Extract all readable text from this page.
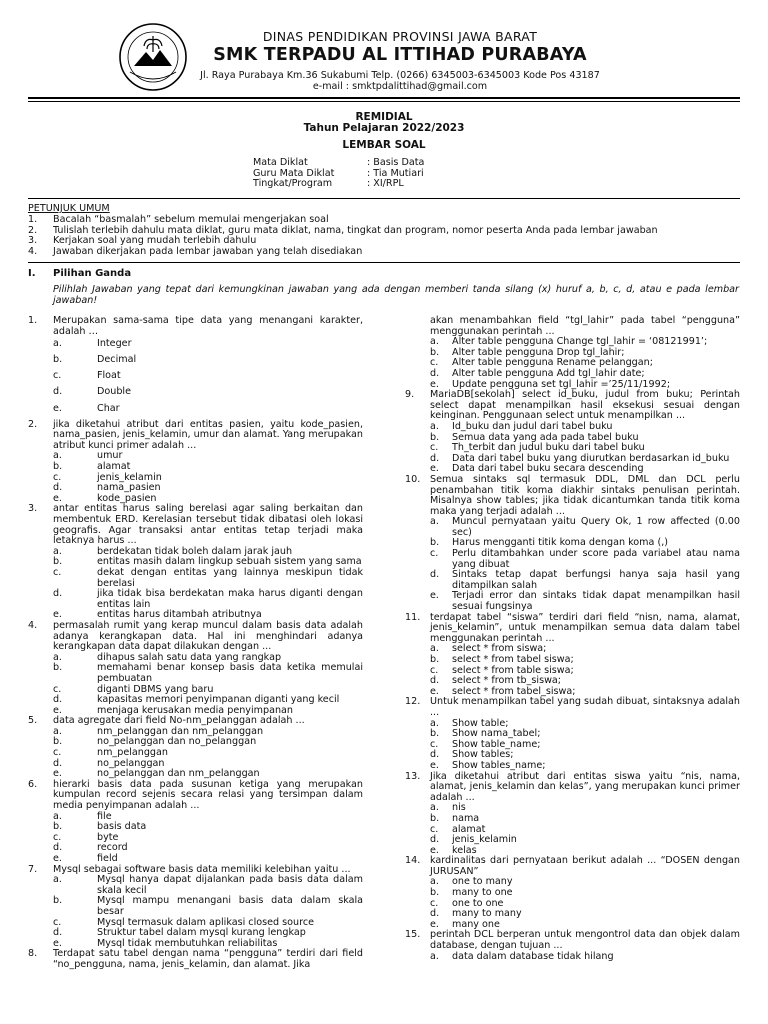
DINAS PENDIDIKAN PROVINSI JAWA BARAT
SMK TERPADU AL ITTIHAD PURABAYA
Jl. Raya Purabaya Km.36 Sukabumi Telp. (0266) 6345003-6345003 Kode Pos 43187
e-mail : smktpdalittihad@gmail.com
REMIDIAL
Tahun Pelajaran 2022/2023
LEMBAR SOAL
Mata Diklat	: Basis Data
Guru Mata Diklat	: Tia Mutiari
Tingkat/Program	: XI/RPL
PETUNJUK UMUM
1.	Bacalah “basmalah” sebelum memulai mengerjakan soal
2.	Tulislah terlebih dahulu mata diklat, guru mata diklat, nama, tingkat dan program, nomor peserta Anda pada lembar jawaban
3.	Kerjakan soal yang mudah terlebih dahulu
4.	Jawaban dikerjakan pada lembar jawaban yang telah disediakan
I. Pilihan Ganda
Pilihlah Jawaban yang tepat dari kemungkinan jawaban yang ada dengan memberi tanda silang (x) huruf a, b, c, d, atau e pada lembar jawaban!
1. Merupakan sama-sama tipe data yang menangani karakter, adalah …
a.	Integer
b.	Decimal
c.	Float
d.	Double
e.	Char
2. jika diketahui atribut dari entitas pasien, yaitu kode_pasien, nama_pasien, jenis_kelamin, umur dan alamat. Yang merupakan atribut kunci primer adalah ...
a.	umur
b.	alamat
c.	jenis_kelamin
d.	nama_pasien
e.	kode_pasien
3. antar entitas harus saling berelasi agar saling berkaitan dan membentuk ERD. Kerelasian tersebut tidak dibatasi oleh lokasi geografis. Agar transaksi antar entitas tetap terjadi maka letaknya harus ...
a.	berdekatan tidak boleh dalam jarak jauh
b.	entitas masih dalam lingkup sebuah sistem yang sama
c.	dekat dengan entitas yang lainnya meskipun tidak berelasi
d.	jika tidak bisa berdekatan maka harus diganti dengan entitas lain
e.	entitas harus ditambah atributnya
4. permasalah rumit yang kerap muncul dalam basis data adalah adanya kerangkapan data. Hal ini menghindari adanya kerangkapan data dapat dilakukan dengan ...
a.	dihapus salah satu data yang rangkap
b.	memahami benar konsep basis data ketika memulai pembuatan
c.	diganti DBMS yang baru
d.	kapasitas memori penyimpanan diganti yang kecil
e.	menjaga kerusakan media penyimpanan
5. data agregate dari field No-nm_pelanggan adalah ...
a.	nm_pelanggan dan nm_pelanggan
b.	no_pelanggan dan no_pelanggan
c.	nm_pelanggan
d.	no_pelanggan
e.	no_pelanggan dan nm_pelanggan
6. hierarki basis data pada susunan ketiga yang merupakan kumpulan record sejenis secara relasi yang tersimpan dalam media penyimpanan adalah ...
a.	file
b.	basis data
c.	byte
d.	record
e.	field
7. Mysql sebagai software basis data memiliki kelebihan yaitu ...
a.	Mysql hanya dapat dijalankan pada basis data dalam skala kecil
b.	Mysql mampu menangani basis data dalam skala besar
c.	Mysql termasuk dalam aplikasi closed source
d.	Struktur tabel dalam mysql kurang lengkap
e.	Mysql tidak membutuhkan reliabilitas
8. Terdapat satu tabel dengan nama “pengguna” terdiri dari field “no_pengguna, nama, jenis_kelamin, dan alamat. Jika
akan menambahkan field “tgl_lahir” pada tabel “pengguna” menggunakan perintah ...
a. Alter table pengguna Change tgl_lahir = ‘08121991’;
b. Alter table pengguna Drop tgl_lahir;
c. Alter table pengguna Rename pelanggan;
d. Alter table pengguna Add tgl_lahir date;
e. Update pengguna set tgl_lahir =’25/11/1992;
9. MariaDB[sekolah] select id_buku, judul from buku; Perintah select dapat menampilkan hasil eksekusi sesuai dengan keinginan. Penggunaan select untuk menampilkan ...
a. Id_buku dan judul dari tabel buku
b. Semua data yang ada pada tabel buku
c. Th_terbit dan judul buku dari tabel buku
d. Data dari tabel buku yang diurutkan berdasarkan id_buku
e. Data dari tabel buku secara descending
10. Semua sintaks sql termasuk DDL, DML dan DCL perlu penambahan titik koma diakhir sintaks penulisan perintah. Misalnya show tables; jika tidak dicantumkan tanda titik koma maka yang terjadi adalah ...
a. Muncul pernyataan yaitu Query Ok, 1 row affected (0.00 sec)
b. Harus mengganti titik koma dengan koma (,)
c. Perlu ditambahkan under score pada variabel atau nama yang dibuat
d. Sintaks tetap dapat berfungsi hanya saja hasil yang ditampilkan salah
e. Terjadi error dan sintaks tidak dapat menampilkan hasil sesuai fungsinya
11. terdapat tabel “siswa” terdiri dari field “nisn, nama, alamat, jenis_kelamin”, untuk menampilkan semua data dalam tabel menggunakan perintah ...
a. select * from siswa;
b. select * from tabel siswa;
c. select * from table siswa;
d. select * from tb_siswa;
e. select * from tabel_siswa;
12. Untuk menampilkan tabel yang sudah dibuat, sintaksnya adalah ...
a. Show table;
b. Show nama_tabel;
c. Show table_name;
d. Show tables;
e. Show tables_name;
13. Jika diketahui atribut dari entitas siswa yaitu “nis, nama, alamat, jenis_kelamin dan kelas”, yang merupakan kunci primer adalah ...
a. nis
b. nama
c. alamat
d. jenis_kelamin
e. kelas
14. kardinalitas dari pernyataan berikut adalah ... “DOSEN dengan JURUSAN”
a. one to many
b. many to one
c. one to one
d. many to many
e. many one
15. perintah DCL berperan untuk mengontrol data dan objek dalam database, dengan tujuan ...
a. data dalam database tidak hilang
